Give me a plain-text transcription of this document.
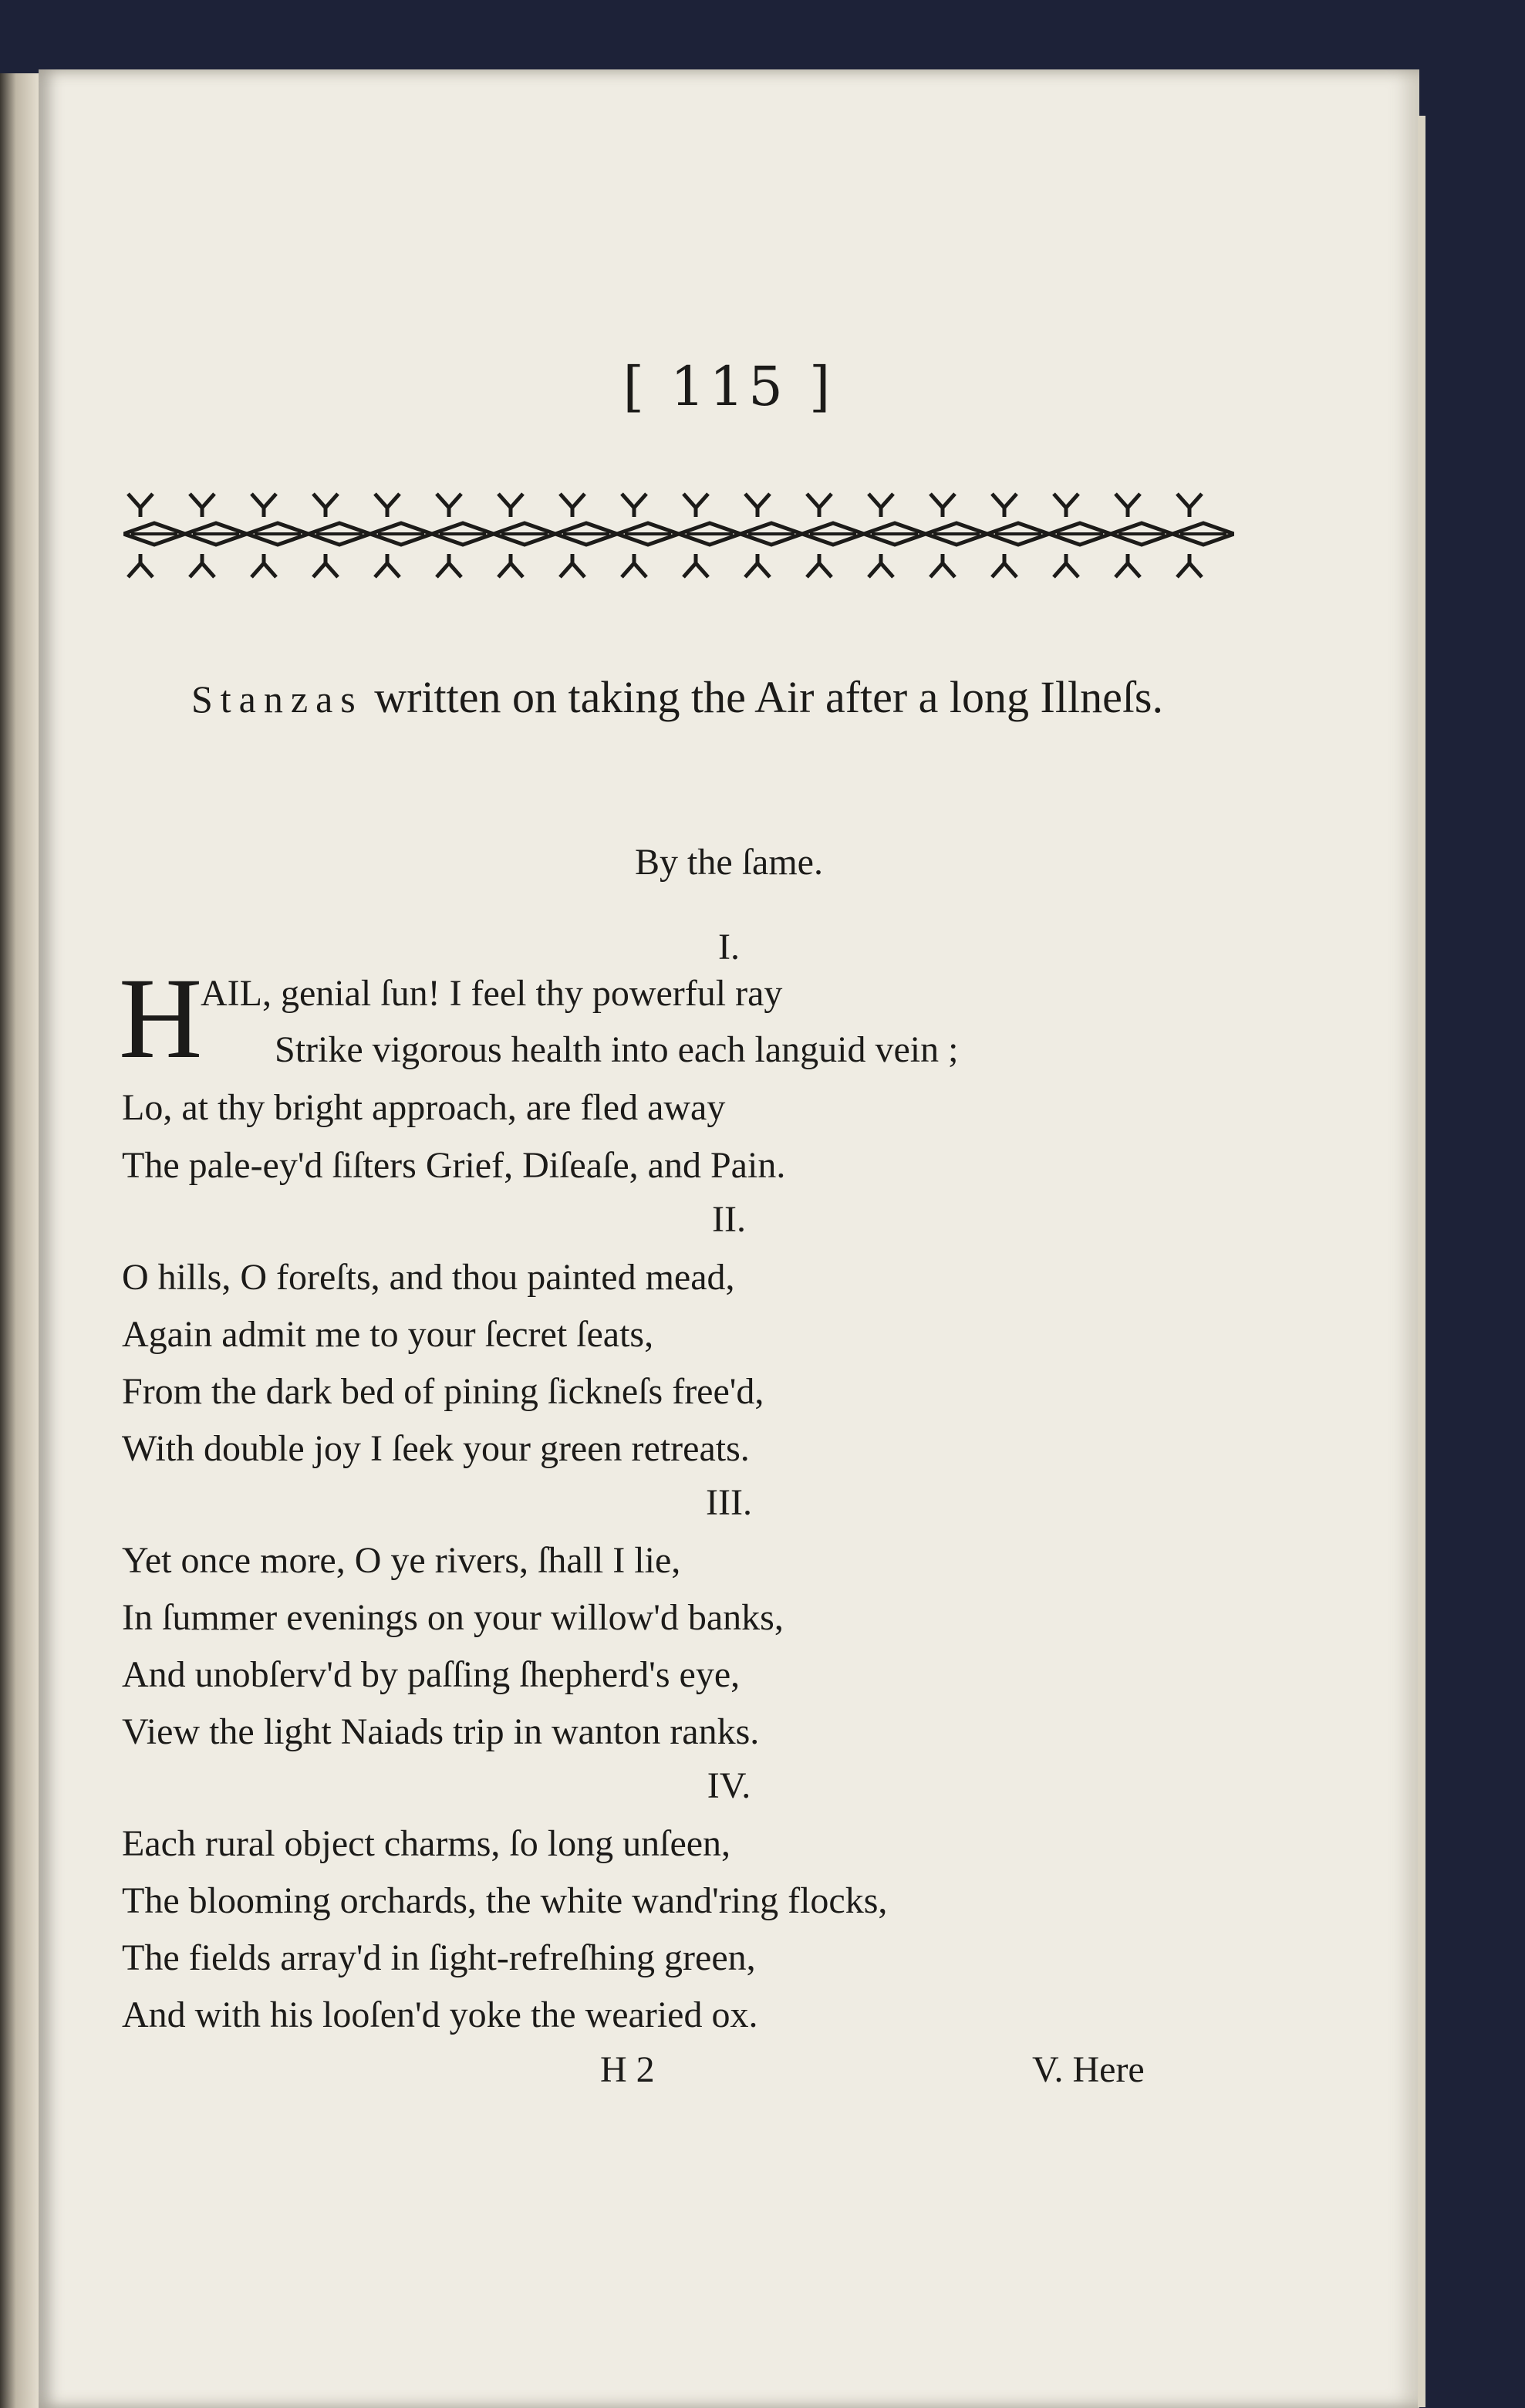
[ 115 ]
Stanzas written on taking the Air after a long Illneſs.
By the ſame.
I.
H
AIL, genial ſun! I feel thy powerful ray
Strike vigorous health into each languid vein ;
Lo, at thy bright approach, are fled away
The pale-ey'd ſiſters Grief, Diſeaſe, and Pain.
II.
O hills, O foreſts, and thou painted mead,
Again admit me to your ſecret ſeats,
From the dark bed of pining ſickneſs free'd,
With double joy I ſeek your green retreats.
III.
Yet once more, O ye rivers, ſhall I lie,
In ſummer evenings on your willow'd banks,
And unobſerv'd by paſſing ſhepherd's eye,
View the light Naiads trip in wanton ranks.
IV.
Each rural object charms, ſo long unſeen,
The blooming orchards, the white wand'ring flocks,
The fields array'd in ſight-refreſhing green,
And with his looſen'd yoke the wearied ox.
H 2	V. Here
